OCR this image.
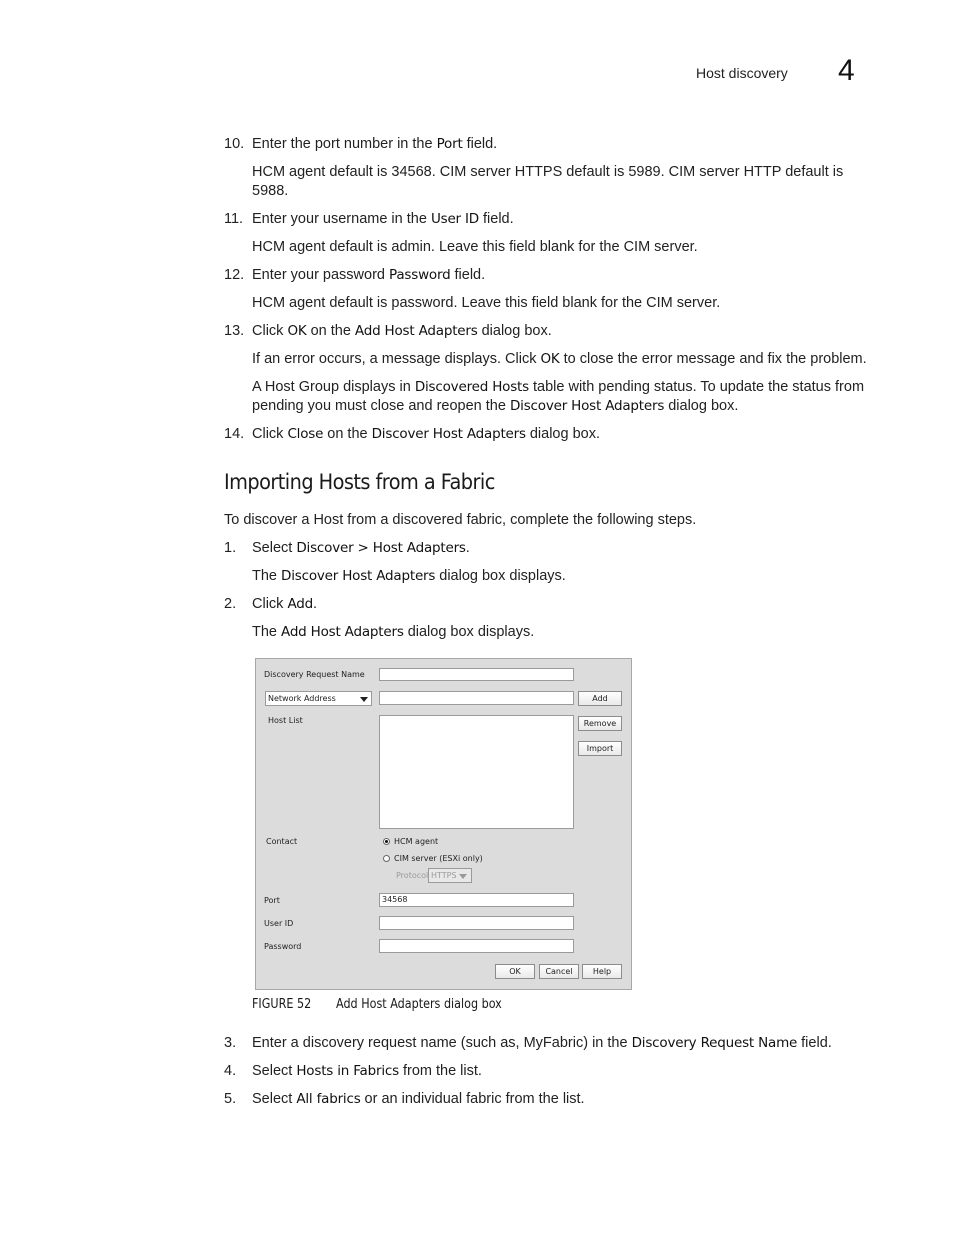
Host discovery 4
10. Enter the port number in the Port field.
HCM agent default is 34568. CIM server HTTPS default is 5989. CIM server HTTP default is 5988.
11. Enter your username in the User ID field.
HCM agent default is admin. Leave this field blank for the CIM server.
12. Enter your password Password field.
HCM agent default is password. Leave this field blank for the CIM server.
13. Click OK on the Add Host Adapters dialog box.
If an error occurs, a message displays. Click OK to close the error message and fix the problem.
A Host Group displays in Discovered Hosts table with pending status. To update the status from pending you must close and reopen the Discover Host Adapters dialog box.
14. Click Close on the Discover Host Adapters dialog box.
Importing Hosts from a Fabric
To discover a Host from a discovered fabric, complete the following steps.
1. Select Discover > Host Adapters.
The Discover Host Adapters dialog box displays.
2. Click Add.
The Add Host Adapters dialog box displays.
Discovery Request Name
Network Address	Add
Host List	Remove
Import
Contact	HCM agent
CIM server (ESXi only)
Protocol HTTPS
Port	34568
User ID
Password
OK	Cancel	Help
FIGURE 52 Add Host Adapters dialog box
3. Enter a discovery request name (such as, MyFabric) in the Discovery Request Name field.
4. Select Hosts in Fabrics from the list.
5. Select All fabrics or an individual fabric from the list.
